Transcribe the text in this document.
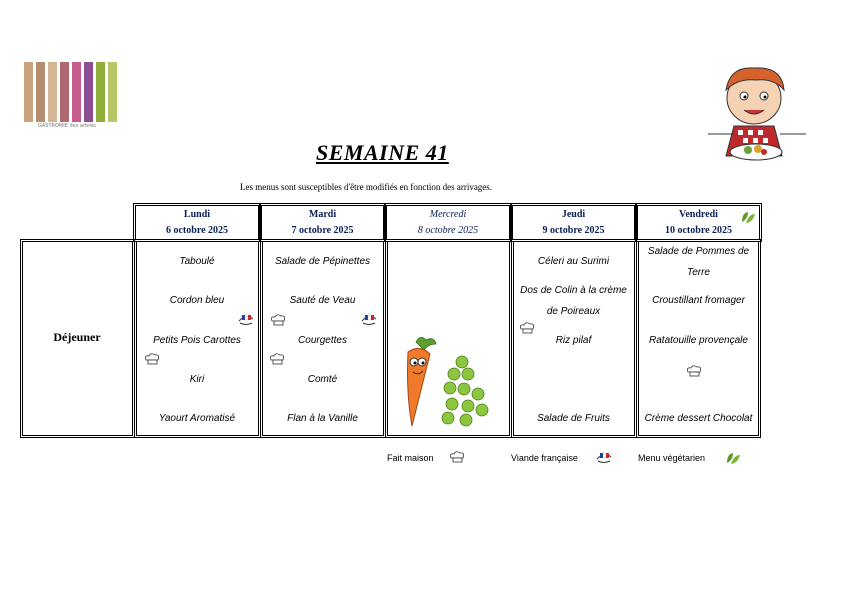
GASTROMIE des arbres
SEMAINE 41
Les menus sont susceptibles d'être modifiés en fonction des arrivages.
Lundi
6 octobre 2025
Mardi
7 octobre 2025
Mercredi
8 octobre 2025
Jeudi
9 octobre 2025
Vendredi
10 octobre 2025
Déjeuner
Taboulé
Cordon bleu
Petits Pois Carottes
Kiri
Yaourt Aromatisé
Salade de Pépinettes
Sauté de Veau
Courgettes
Comté
Flan à la Vanille
Céleri au Surimi
Dos de Colin à la crème
de Poireaux
Riz pilaf
Salade de Fruits
Salade de Pommes de
Terre
Croustillant fromager
Ratatouille provençale
Crème dessert Chocolat
Fait maison	Viande française	Menu végétarien
